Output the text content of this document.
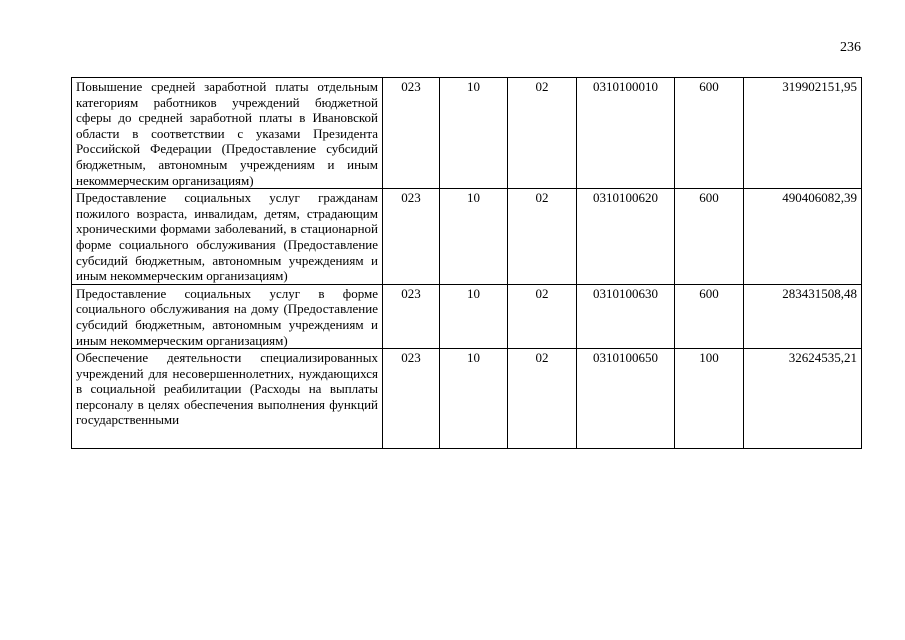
236
Повышение средней заработной платы отдельным категориям работников учреждений бюджетной сферы до средней заработной платы в Ивановской области в соответствии с указами Президента Российской Федерации (Предоставление субсидий бюджетным, автономным учреждениям и иным некоммерческим организациям)	023	10	02	0310100010	600	319902151,95
Предоставление социальных услуг гражданам пожилого возраста, инвалидам, детям, страдающим хроническими формами заболеваний, в стационарной форме социального обслуживания (Предоставление субсидий бюджетным, автономным учреждениям и иным некоммерческим организациям)	023	10	02	0310100620	600	490406082,39
Предоставление социальных услуг в форме социального обслуживания на дому (Предоставление субсидий бюджетным, автономным учреждениям и иным некоммерческим организациям)	023	10	02	0310100630	600	283431508,48
Обеспечение деятельности специализированных учреждений для несовершеннолетних, нуждающихся в социальной реабилитации (Расходы на выплаты персоналу в целях обеспечения выполнения функций государственными	023	10	02	0310100650	100	32624535,21
